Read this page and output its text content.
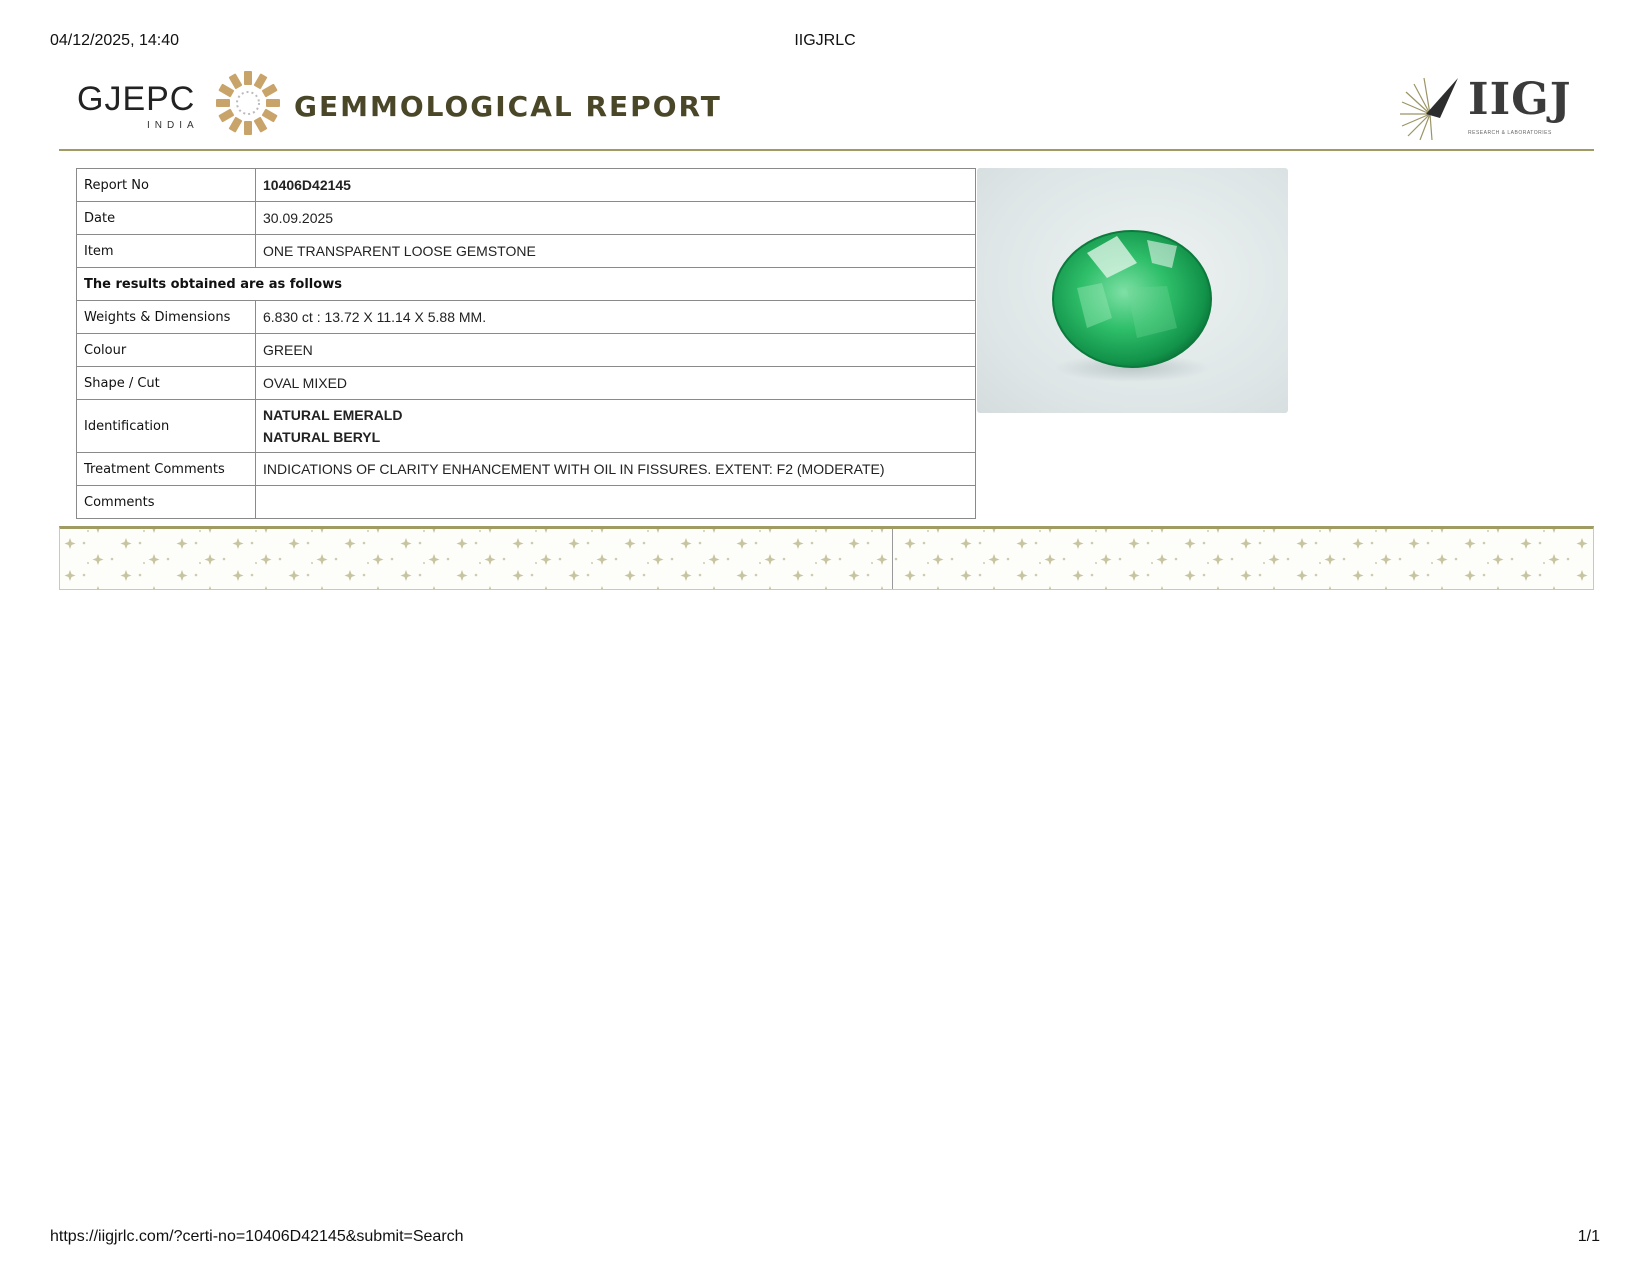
04/12/2025, 14:40	IIGJRLC
GJEPC
INDIA
GEMMOLOGICAL REPORT	IIGJ
RESEARCH & LABORATORIES
Report No	10406D42145
Date	30.09.2025
Item	ONE TRANSPARENT LOOSE GEMSTONE
The results obtained are as follows	
Weights & Dimensions	6.830 ct : 13.72 X 11.14 X 5.88 MM.
Colour	GREEN
Shape / Cut	OVAL MIXED
Identification	NATURAL EMERALD
NATURAL BERYL

Treatment Comments	INDICATIONS OF CLARITY ENHANCEMENT WITH OIL IN FISSURES. EXTENT: F2 (MODERATE)
Comments	
https://iigjrlc.com/?certi-no=10406D42145&submit=Search	1/1
